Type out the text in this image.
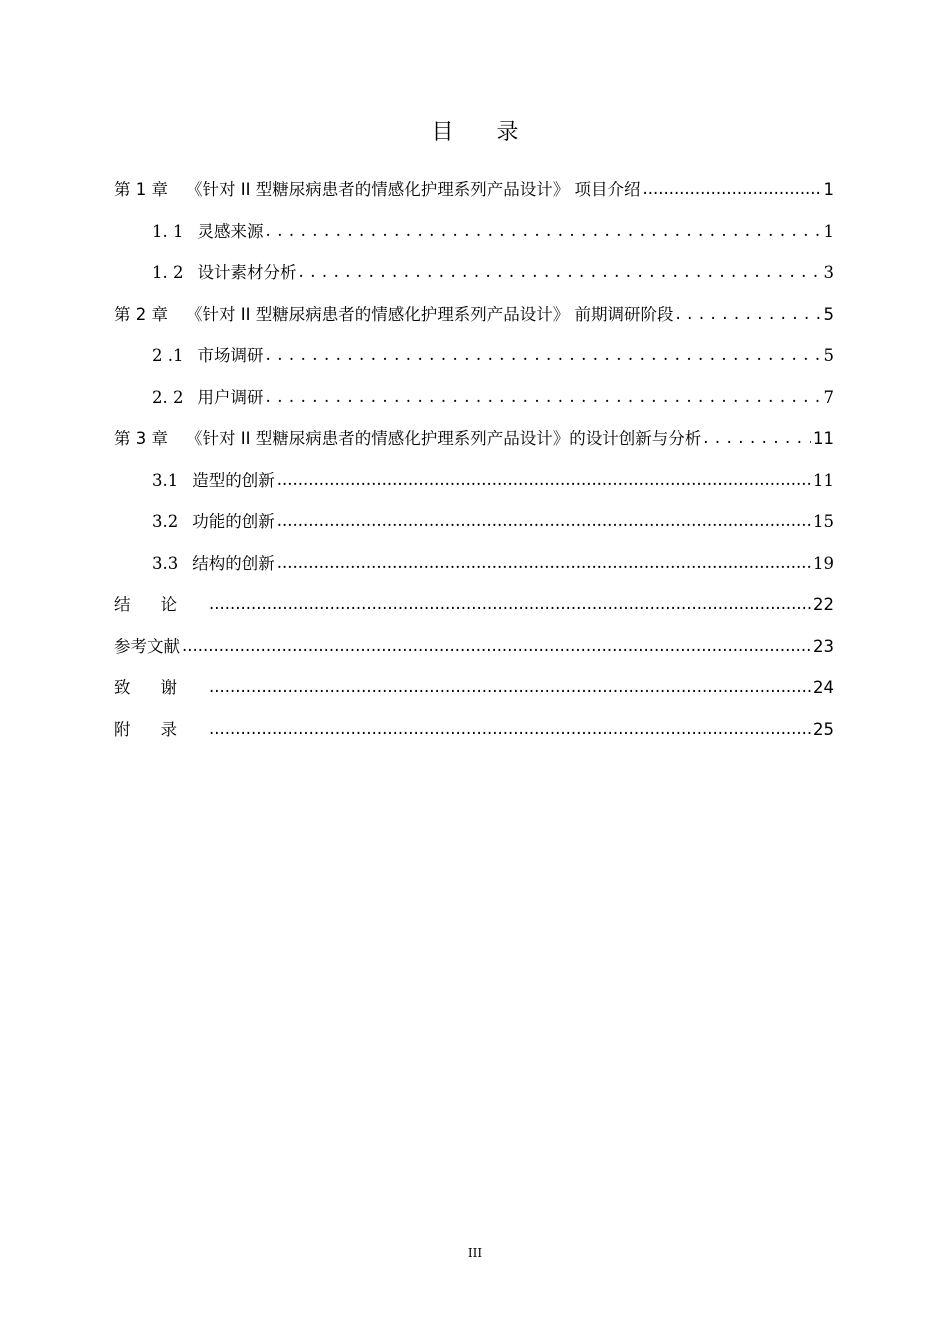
目 录
第 1 章 《针对 II 型糖尿病患者的情感化护理系列产品设计》 项目介绍 .....	1
1. 1 灵感来源 . . .	1
1. 2 设计素材分析 . . .	3
第 2 章 《针对 II 型糖尿病患者的情感化护理系列产品设计》 前期调研阶段 . . .	5
2 .1 市场调研 . . .	5
2. 2 用户调研 . . .	7
第 3 章 《针对 II 型糖尿病患者的情感化护理系列产品设计》的设计创新与分析 . . .	11
3.1 造型的创新 .....	11
3.2 功能的创新 .....	15
3.3 结构的创新 .....	19
结论 .....	22
参考文献 .....	23
致谢 .....	24
附录 .....	25
III
